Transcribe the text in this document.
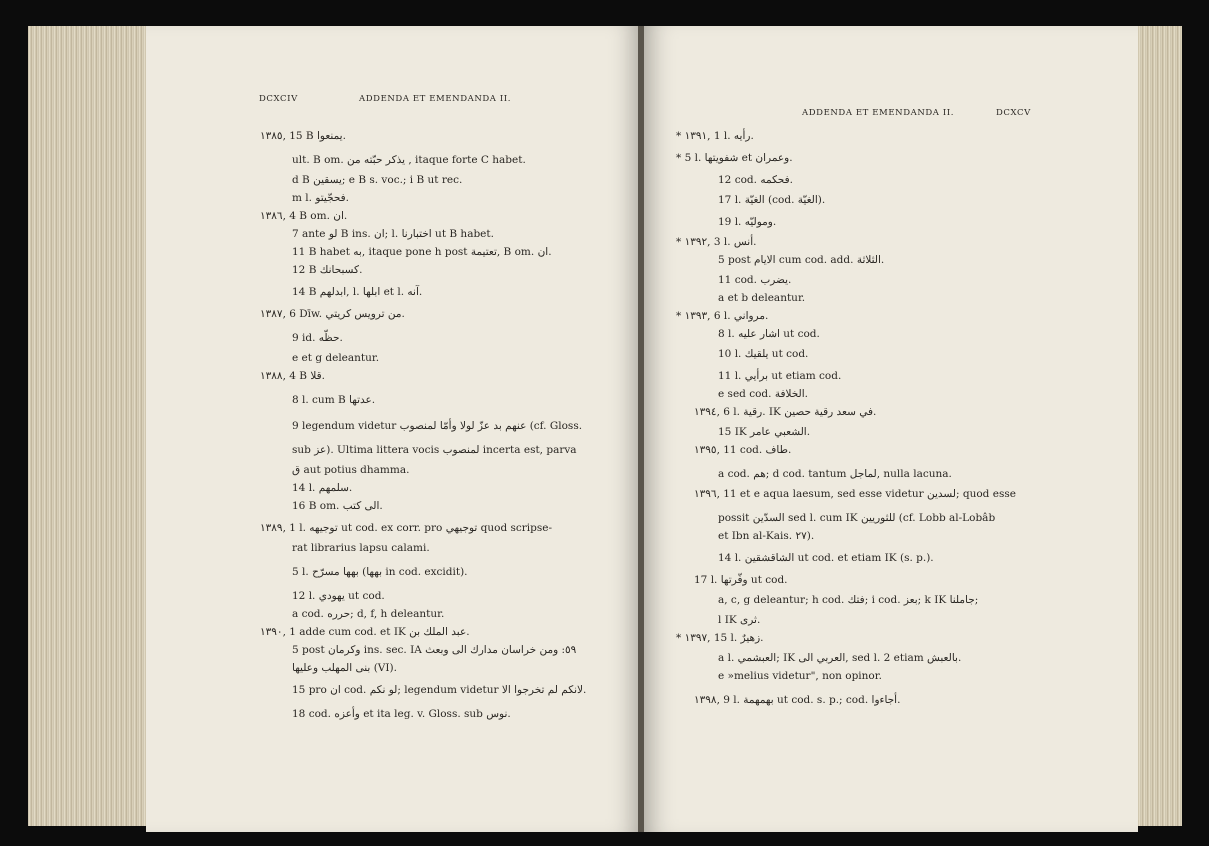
DCXCIV	ADDENDA ET EMENDANDA II.
١٣٨٥, 15 B يمنعوا.
ult. B om. يذكر حبّته من , itaque forte C habet.
d B يسقين; e B s. voc.; i B ut rec.
m l. فحجّيتو.
١٣٨٦, 4 B om. ان.
7 ante لو B ins. ان; l. اختبارنا ut B habet.
11 B habet به, itaque pone h post تعتيمة, B om. ان.
12 B كسبحانك.
14 B ابدلهم, l. ابلها et l. آنه.
١٣٨٧, 6 Dīw. من ترويس كريتي.
9 id. حظّه.
e et g deleantur.
١٣٨٨, 4 B قلا.
8 l. cum B عدتها.
9 legendum videtur عنهم بد عزّ لولا وأمّا لمنصوب (cf. Gloss.
sub عز). Ultima littera vocis لمنصوب incerta est, parva
ق aut potius dhamma.
14 l. سلمهم.
16 B om. الى كتب.
١٣٨٩, 1 l. توجيهه ut cod. ex corr. pro توجيهي quod scripse-
rat librarius lapsu calami.
5 l. بهها مسرّح (بهها in cod. excidit).
12 l. يهودي ut cod.
a cod. حرره; d, f, h deleantur.
١٣٩٠, 1 adde cum cod. et IK عبد الملك بن.
5 post وكرمان ins. sec. IA ٥٩: ومن خراسان مدارك الى وبعث
بنى المهلب وعليها (VI).
15 pro ان cod. لو نكم; legendum videtur لانكم لم تخرجوا الا.
18 cod. وأعزه et ita leg. v. Gloss. sub نوس.
ADDENDA ET EMENDANDA II.	DCXCV
* ١٣٩١, 1 l. رأيه.
* 5 l. شفويتها et وعمران.
12 cod. فحكمه.
17 l. الغيّة (cod. الغيّة).
19 l. وموليّه.
* ١٣٩٢, 3 l. أنس.
5 post الايام cum cod. add. الثلاثة.
11 cod. يضرب.
a et b deleantur.
* ١٣٩٣, 6 l. مرواني.
8 l. اشار عليه ut cod.
10 l. يلقيك ut cod.
11 l. برأيي ut etiam cod.
e sed cod. الخلافة.
١٣٩٤, 6 l. رقية. IK في سعد رقية حصين.
15 IK الشعبي عامر.
١٣٩٥, 11 cod. طاف.
a cod. هم; d cod. tantum لماجل, nulla lacuna.
١٣٩٦, 11 et e aqua laesum, sed esse videtur لسدين; quod esse
possit السدّين sed l. cum IK للثوريين (cf. Lobb al-Lobâb
et Ibn al-Kais. ٢٧).
14 l. الشاقشقين ut cod. et etiam IK (s. p.).
17 l. وفّرتها ut cod.
a, c, g deleantur; h cod. فتك; i cod. بعز; k IK جاملنا;
l IK ثرى.
* ١٣٩٧, 15 l. زهيرٌ.
a l. العبشمي; IK العربي الى, sed l. 2 etiam بالعبش.
e »melius videtur", non opinor.
١٣٩٨, 9 l. بهمهمة ut cod. s. p.; cod. أجاءوا.
